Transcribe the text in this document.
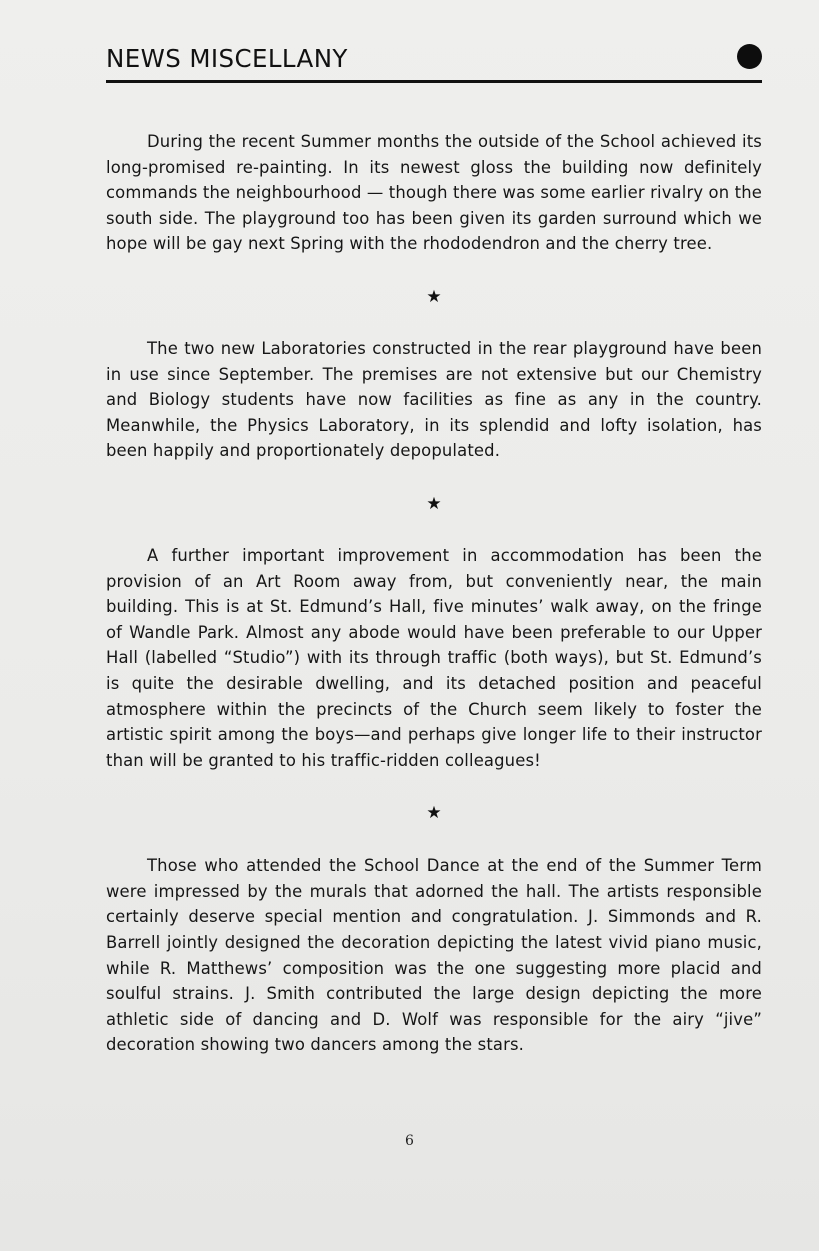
NEWS MISCELLANY

During the recent Summer months the outside of the School achieved its long-promised re-painting. In its newest gloss the building now definitely commands the neighbourhood — though there was some earlier rivalry on the south side. The playground too has been given its garden surround which we hope will be gay next Spring with the rhododendron and the cherry tree.

★

The two new Laboratories constructed in the rear playground have been in use since September. The premises are not extensive but our Chemistry and Biology students have now facilities as fine as any in the country. Meanwhile, the Physics Laboratory, in its splendid and lofty isolation, has been happily and proportionately depopulated.

★

A further important improvement in accommodation has been the provision of an Art Room away from, but conveniently near, the main building. This is at St. Edmund’s Hall, five minutes’ walk away, on the fringe of Wandle Park. Almost any abode would have been preferable to our Upper Hall (labelled “Studio”) with its through traffic (both ways), but St. Edmund’s is quite the desirable dwelling, and its detached position and peaceful atmosphere within the precincts of the Church seem likely to foster the artistic spirit among the boys—and perhaps give longer life to their instructor than will be granted to his traffic-ridden colleagues!

★

Those who attended the School Dance at the end of the Summer Term were impressed by the murals that adorned the hall. The artists responsible certainly deserve special mention and congratulation. J. Simmonds and R. Barrell jointly designed the decoration depicting the latest vivid piano music, while R. Matthews’ composition was the one suggesting more placid and soulful strains. J. Smith contributed the large design depicting the more athletic side of dancing and D. Wolf was responsible for the airy “jive” decoration showing two dancers among the stars.

6
